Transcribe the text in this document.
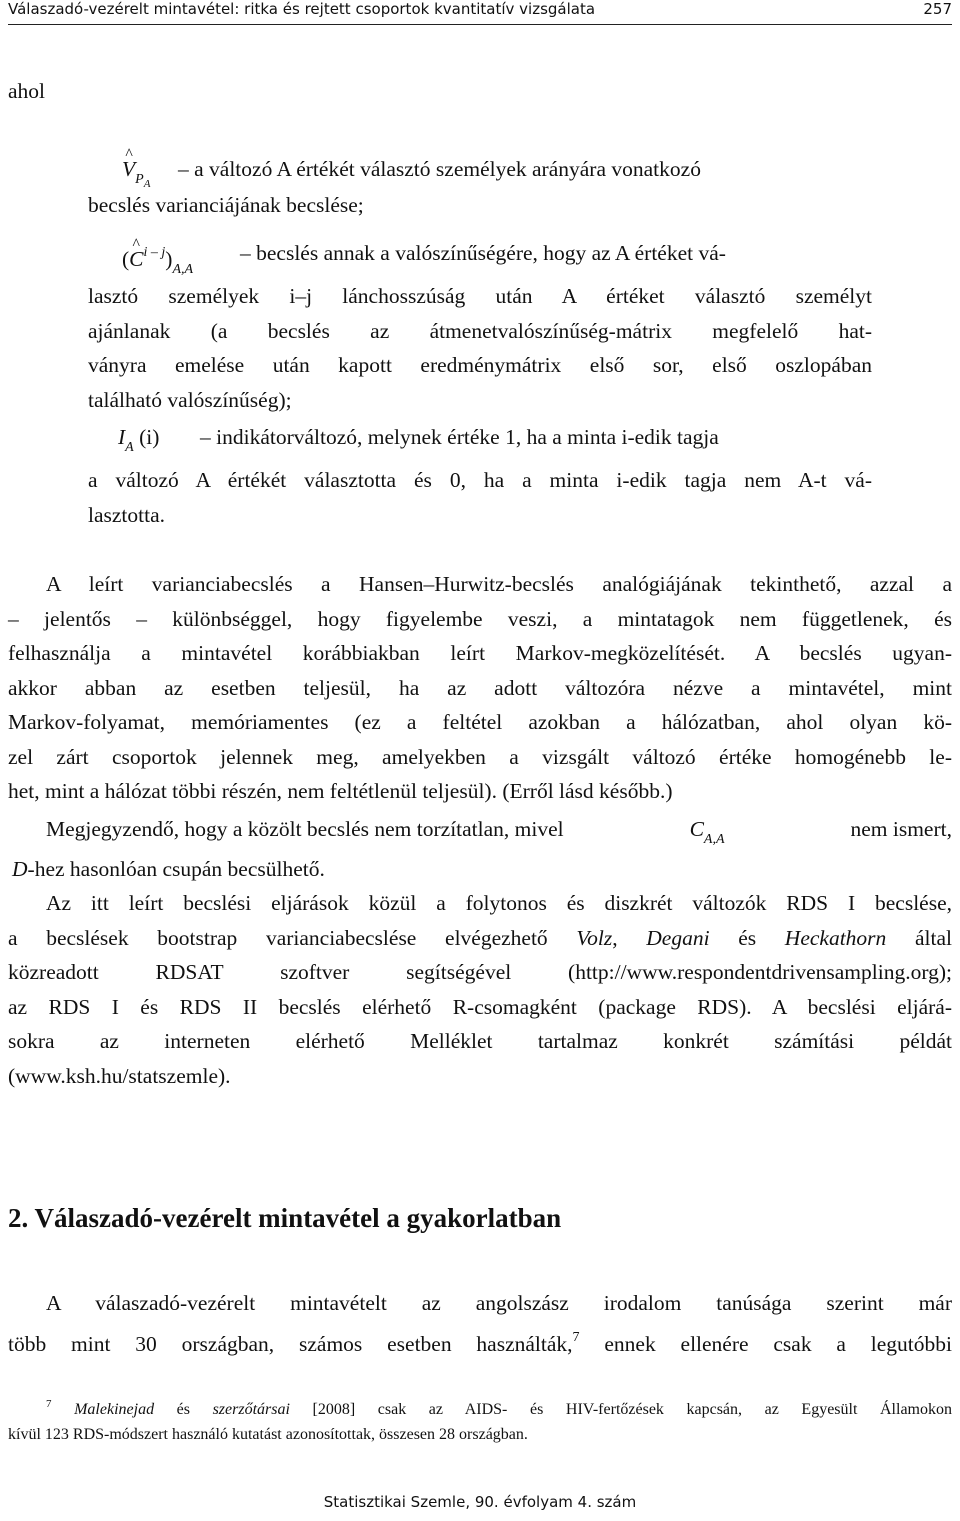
Válaszadó-vezérelt mintavétel: ritka és rejtett csoportok kvantitatív vizsgálata	257
ahol
^ $V_{PA}$
– a változó A értékét választó személyek arányára vonatkozó
becslés varianciájának becslése;
(^ $C^{i - j})_{A,A}$
– becslés annak a valószínűségére, hogy az A értéket vá-
lasztó személyek i–j lánchosszúság után A értéket választó személyt
ajánlanak (a becslés az átmenetvalószínűség-mátrix megfelelő hat-
ványra emelése után kapott eredménymátrix első sor, első oszlopában
található valószínűség);
$I_A$ (i) – indikátorváltozó, melynek értéke 1, ha a minta i-edik tagja
a változó A értékét választotta és 0, ha a minta i-edik tagja nem A-t vá-
lasztotta.
A leírt varianciabecslés a Hansen–Hurwitz-becslés analógiájának tekinthető, azzal a
– jelentős – különbséggel, hogy figyelembe veszi, a mintatagok nem függetlenek, és
felhasználja a mintavétel korábbiakban leírt Markov-megközelítését. A becslés ugyan-
akkor abban az esetben teljesül, ha az adott változóra nézve a mintavétel, mint
Markov-folyamat, memóriamentes (ez a feltétel azokban a hálózatban, ahol olyan kö-
zel zárt csoportok jelennek meg, amelyekben a vizsgált változó értéke homogénebb le-
het, mint a hálózat többi részén, nem feltétlenül teljesül). (Erről lásd később.)
Megjegyzendő, hogy a közölt becslés nem torzítatlan, mivel	$C_{A,A}$	nem ismert,
D-hez hasonlóan csupán becsülhető.
Az itt leírt becslési eljárások közül a folytonos és diszkrét változók RDS I becslése,
a becslések bootstrap varianciabecslése elvégezhető Volz, Degani és Heckathorn által
közreadott RDSAT szoftver segítségével (http://www.respondentdrivensampling.org);
az RDS I és RDS II becslés elérhető R-csomagként (package RDS). A becslési eljárá-
sokra az interneten elérhető Melléklet tartalmaz konkrét számítási példát
(www.ksh.hu/statszemle).
2. Válaszadó-vezérelt mintavétel a gyakorlatban
A válaszadó-vezérelt mintavételt az angolszász irodalom tanúsága szerint már
több mint 30 országban, számos esetben használták,$^7$ ennek ellenére csak a legutóbbi
$^7$ Malekinejad és szerzőtársai [2008] csak az AIDS- és HIV-fertőzések kapcsán, az Egyesült Államokon
kívül 123 RDS-módszert használó kutatást azonosítottak, összesen 28 országban.
Statisztikai Szemle, 90. évfolyam 4. szám
